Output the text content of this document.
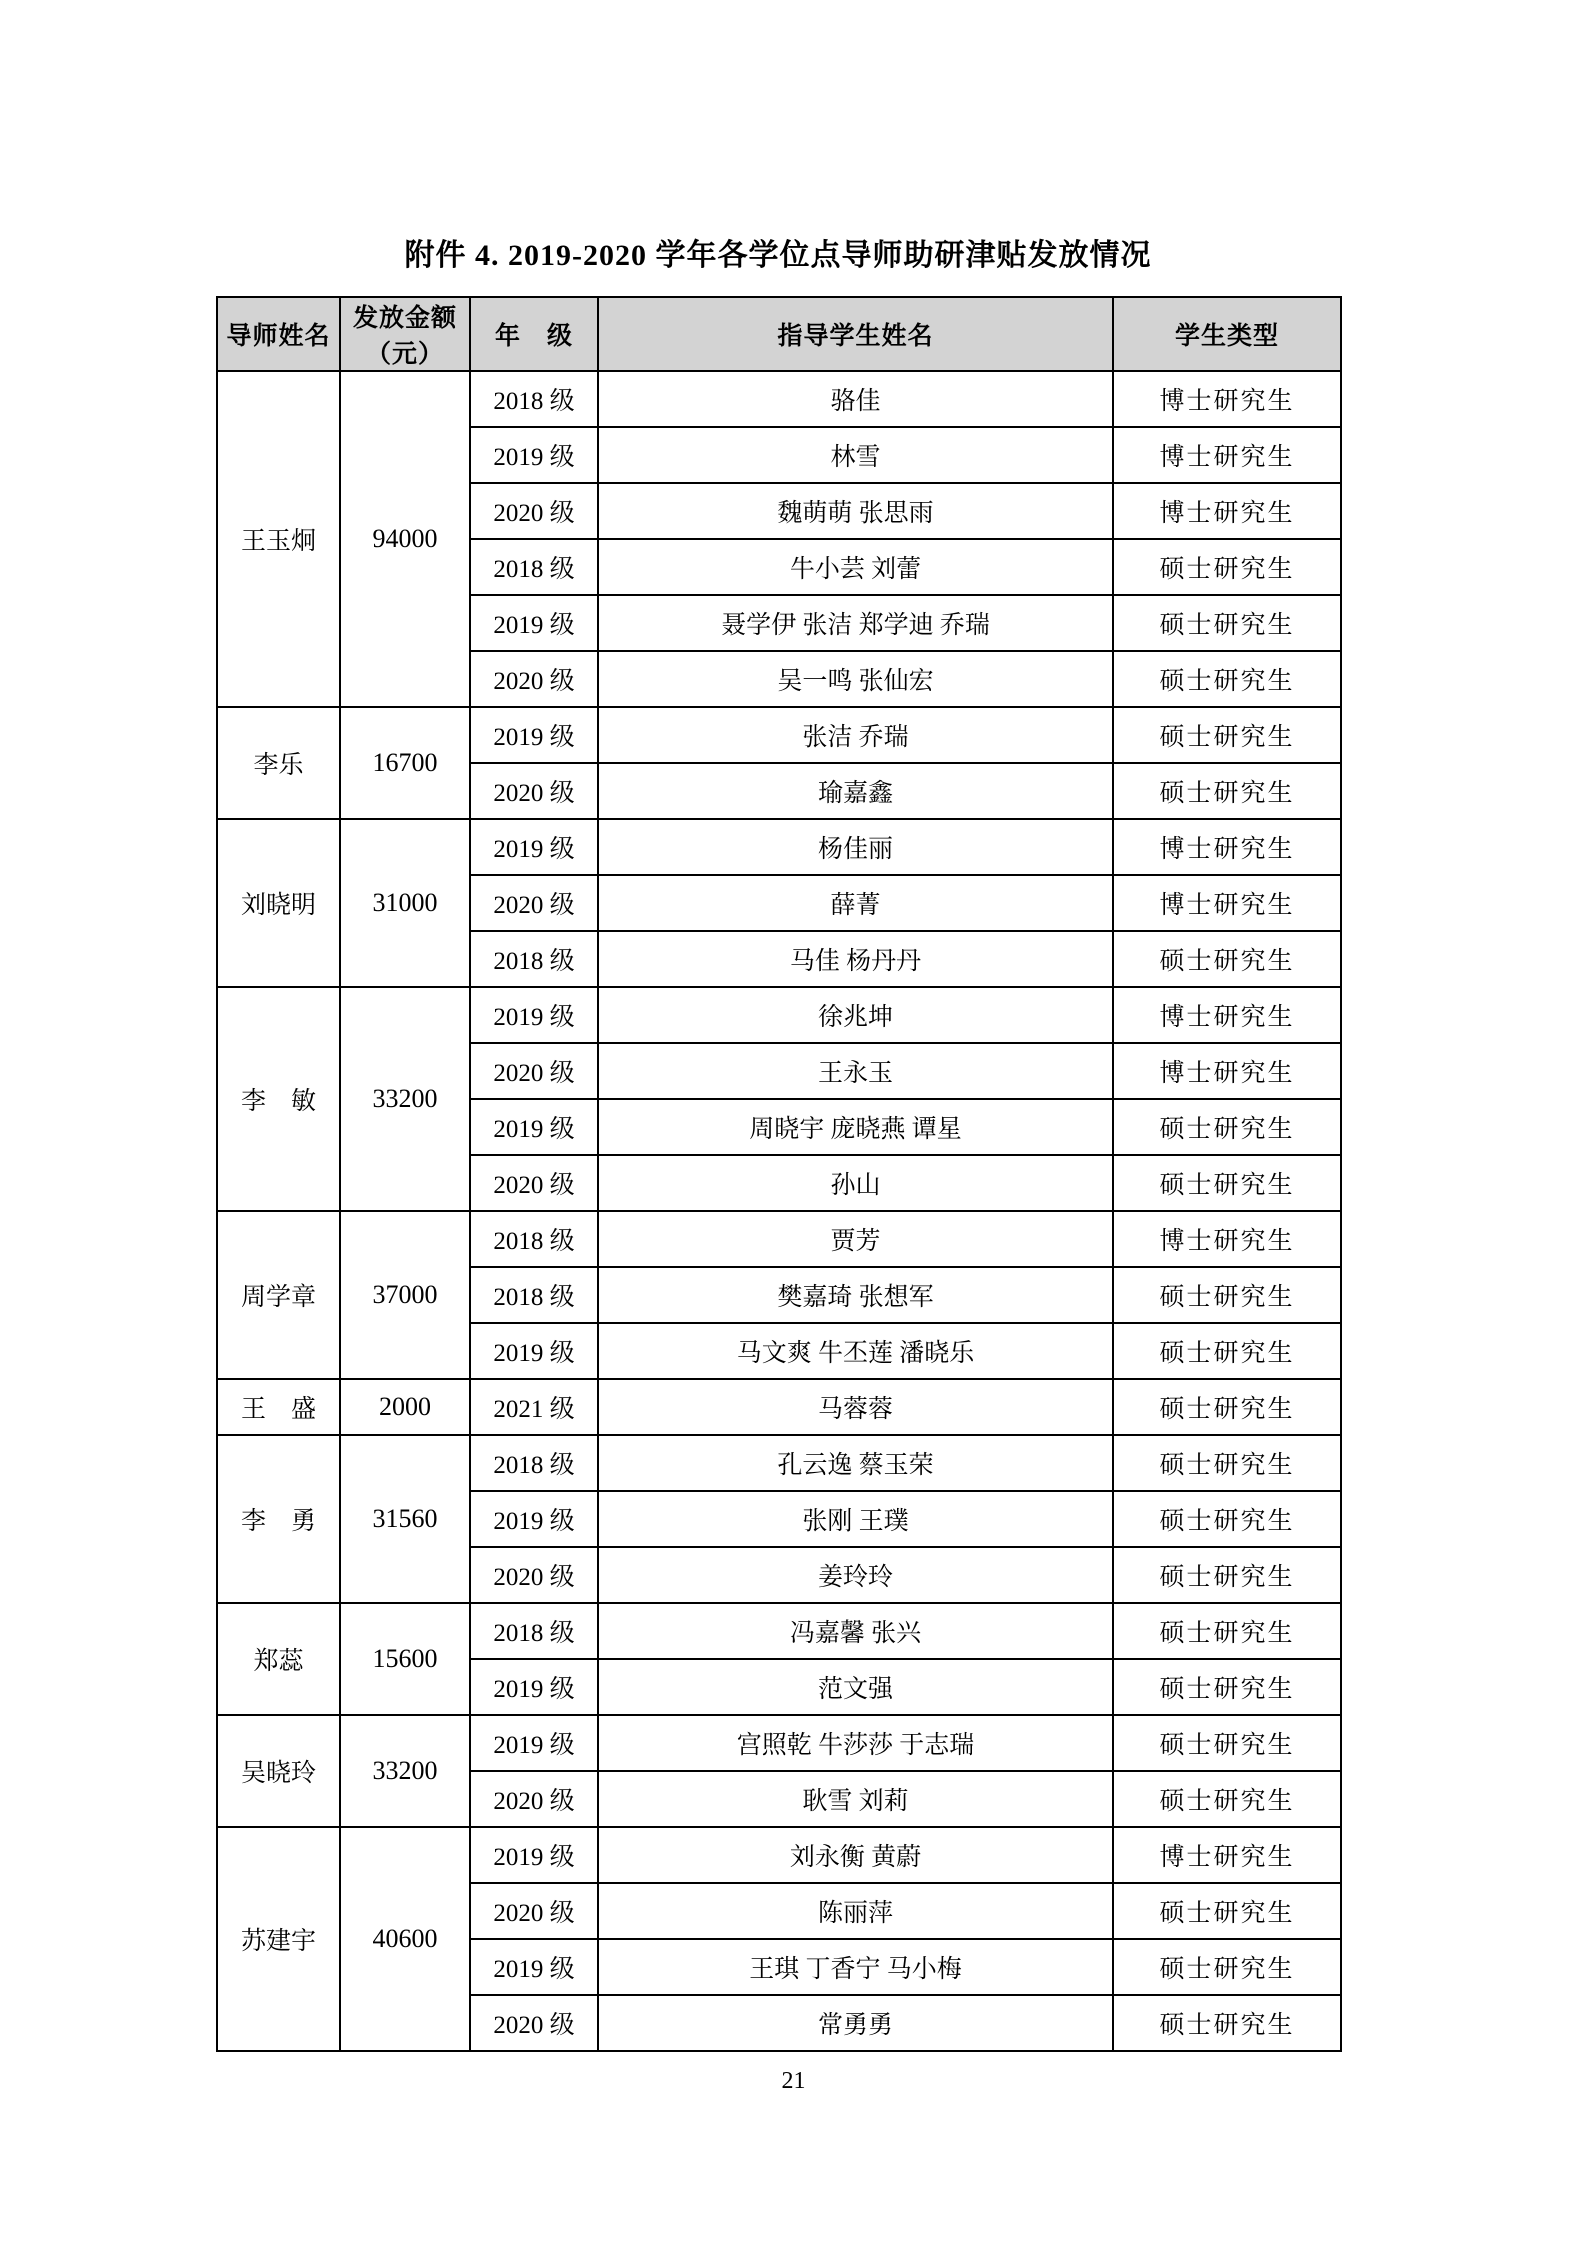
附件 4. 2019-2020 学年各学位点导师助研津贴发放情况
导师姓名	发放金额（元）	年　级	指导学生姓名	学生类型
王玉炯	94000	2018 级	骆佳	博士研究生
		2019 级	林雪	博士研究生
		2020 级	魏萌萌 张思雨	博士研究生
		2018 级	牛小芸 刘蕾	硕士研究生
		2019 级	聂学伊 张洁 郑学迪 乔瑞	硕士研究生
		2020 级	吴一鸣 张仙宏	硕士研究生
李乐	16700	2019 级	张洁 乔瑞	硕士研究生
		2020 级	瑜嘉鑫	硕士研究生
刘晓明	31000	2019 级	杨佳丽	博士研究生
		2020 级	薛菁	博士研究生
		2018 级	马佳 杨丹丹	硕士研究生
李　敏	33200	2019 级	徐兆坤	博士研究生
		2020 级	王永玉	博士研究生
		2019 级	周晓宇 庞晓燕 谭星	硕士研究生
		2020 级	孙山	硕士研究生
周学章	37000	2018 级	贾芳	博士研究生
		2018 级	樊嘉琦 张想军	硕士研究生
		2019 级	马文爽 牛丕莲 潘晓乐	硕士研究生
王　盛	2000	2021 级	马蓉蓉	硕士研究生
李　勇	31560	2018 级	孔云逸 蔡玉荣	硕士研究生
		2019 级	张刚 王璞	硕士研究生
		2020 级	姜玲玲	硕士研究生
郑蕊	15600	2018 级	冯嘉馨 张兴	硕士研究生
		2019 级	范文强	硕士研究生
吴晓玲	33200	2019 级	宫照乾 牛莎莎 于志瑞	硕士研究生
		2020 级	耿雪 刘莉	硕士研究生
苏建宇	40600	2019 级	刘永衡 黄蔚	博士研究生
		2020 级	陈丽萍	硕士研究生
		2019 级	王琪 丁香宁 马小梅	硕士研究生
		2020 级	常勇勇	硕士研究生
21
